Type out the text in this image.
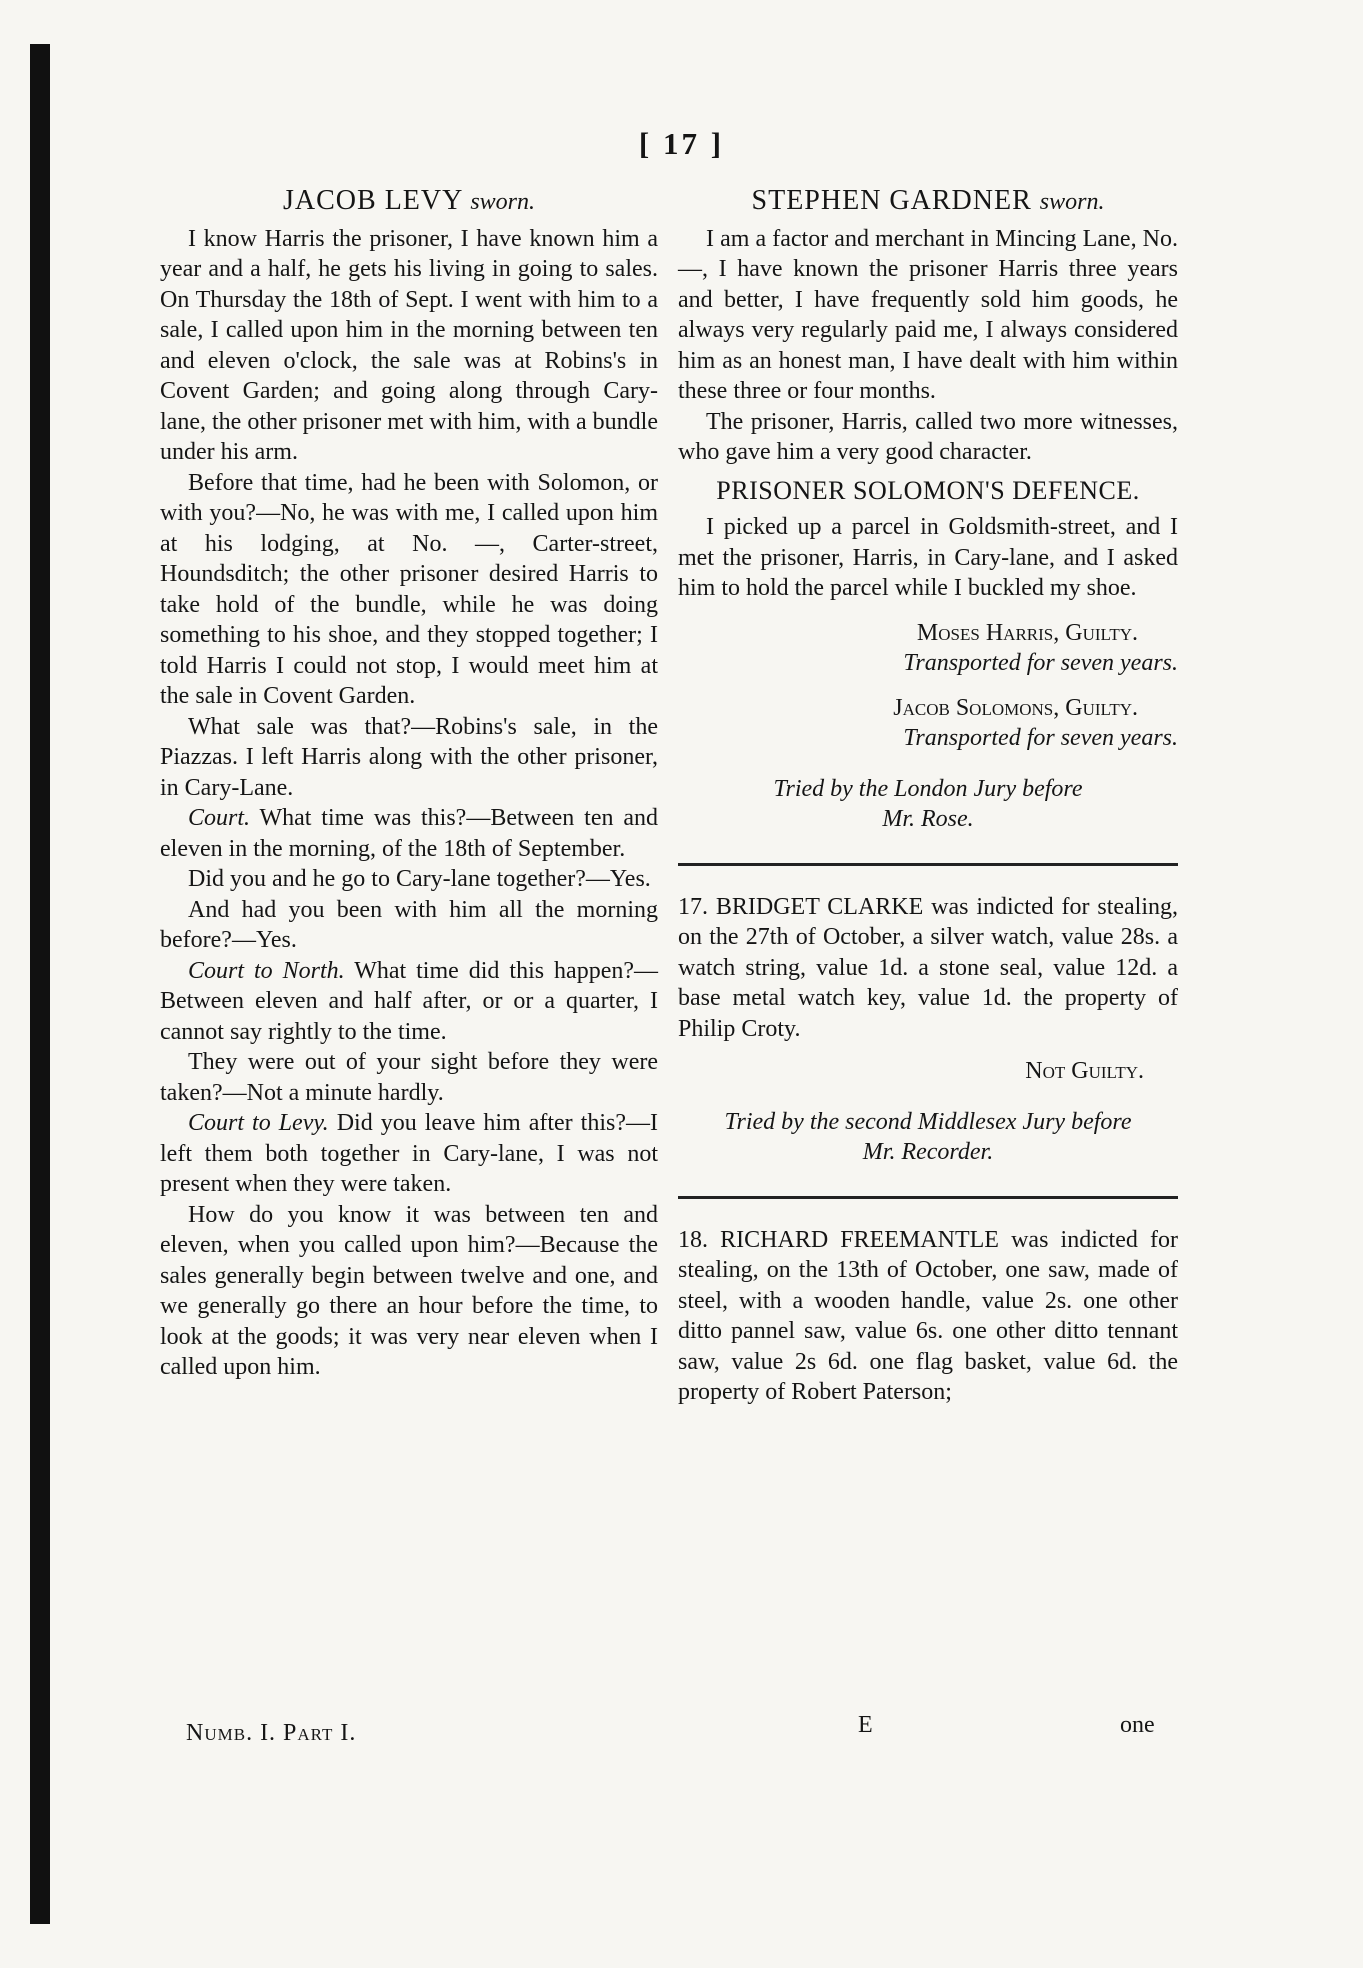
[ 17 ]
JACOB LEVY sworn.

I know Harris the prisoner, I have known him a year and a half, he gets his living in going to sales. On Thursday the 18th of Sept. I went with him to a sale, I called upon him in the morning between ten and eleven o'clock, the sale was at Robins's in Covent Garden; and going along through Cary-lane, the other prisoner met with him, with a bundle under his arm.

Before that time, had he been with Solomon, or with you?—No, he was with me, I called upon him at his lodging, at No. —, Carter-street, Houndsditch; the other prisoner desired Harris to take hold of the bundle, while he was doing something to his shoe, and they stopped together; I told Harris I could not stop, I would meet him at the sale in Covent Garden.

What sale was that?—Robins's sale, in the Piazzas. I left Harris along with the other prisoner, in Cary-Lane.

Court. What time was this?—Between ten and eleven in the morning, of the 18th of September.

Did you and he go to Cary-lane together?—Yes.

And had you been with him all the morning before?—Yes.

Court to North. What time did this happen?—Between eleven and half after, or or a quarter, I cannot say rightly to the time.

They were out of your sight before they were taken?—Not a minute hardly.

Court to Levy. Did you leave him after this?—I left them both together in Cary-lane, I was not present when they were taken.

How do you know it was between ten and eleven, when you called upon him?—Because the sales generally begin between twelve and one, and we generally go there an hour before the time, to look at the goods; it was very near eleven when I called upon him.

STEPHEN GARDNER sworn.

I am a factor and merchant in Mincing Lane, No. —, I have known the prisoner Harris three years and better, I have frequently sold him goods, he always very regularly paid me, I always considered him as an honest man, I have dealt with him within these three or four months.

The prisoner, Harris, called two more witnesses, who gave him a very good character.

PRISONER SOLOMON'S DEFENCE.

I picked up a parcel in Goldsmith-street, and I met the prisoner, Harris, in Cary-lane, and I asked him to hold the parcel while I buckled my shoe.

Moses Harris, Guilty.
Transported for seven years.
Jacob Solomons, Guilty.
Transported for seven years.
Tried by the London Jury before
Mr. Rose.

17. BRIDGET CLARKE was indicted for stealing, on the 27th of October, a silver watch, value 28s. a watch string, value 1d. a stone seal, value 12d. a base metal watch key, value 1d. the property of Philip Croty.

Not Guilty.
Tried by the second Middlesex Jury before
Mr. Recorder.

18. RICHARD FREEMANTLE was indicted for stealing, on the 13th of October, one saw, made of steel, with a wooden handle, value 2s. one other ditto pannel saw, value 6s. one other ditto tennant saw, value 2s 6d. one flag basket, value 6d. the property of Robert Paterson;

Numb. I. Part I.	E	one
